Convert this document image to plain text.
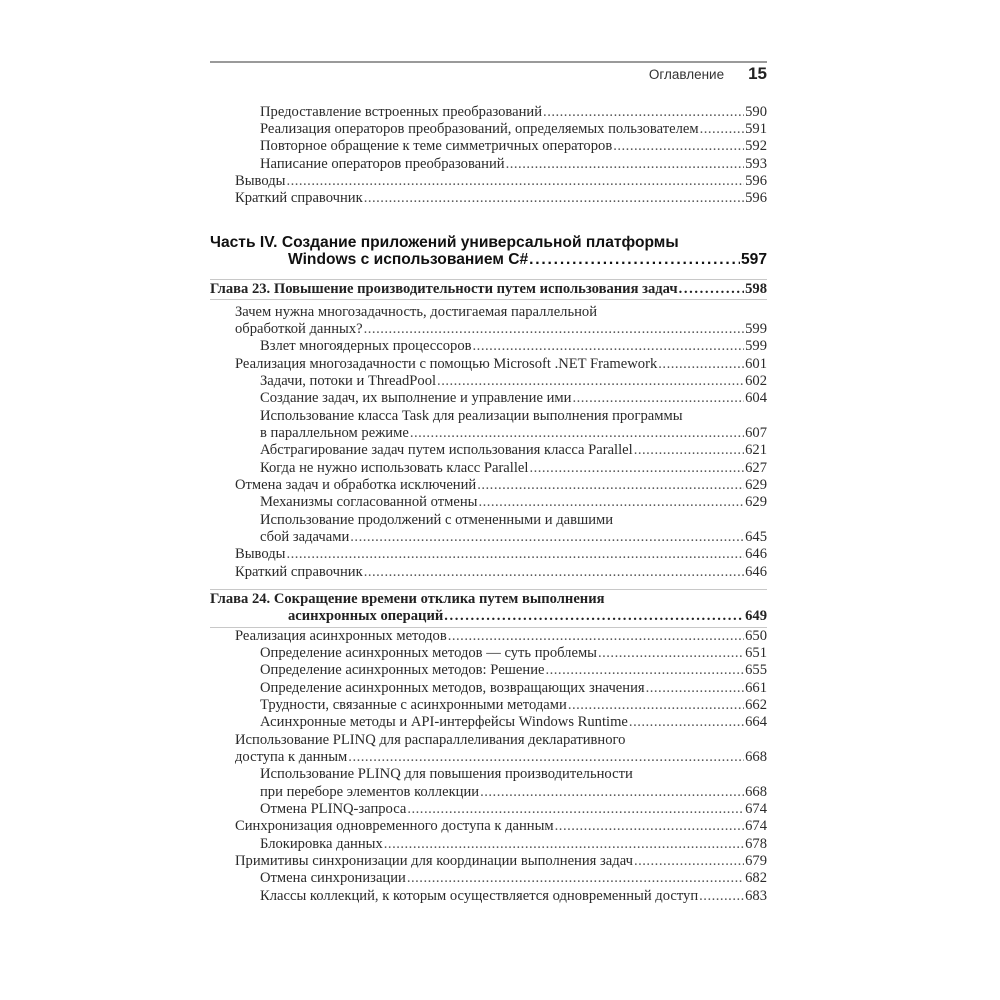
Оглавление 15
Предоставление встроенных преобразований .....	590
Реализация операторов преобразований, определяемых пользователем .....	591
Повторное обращение к теме симметричных операторов .....	592
Написание операторов преобразований .....	593
Выводы .....	596
Краткий справочник .....	596
Часть IV. Создание приложений универсальной платформы
Windows с использованием C# .....	597
Глава 23. Повышение производительности путем использования задач .....	598
Зачем нужна многозадачность, достигаемая параллельной
обработкой данных? .....	599
Взлет многоядерных процессоров .....	599
Реализация многозадачности с помощью Microsoft .NET Framework .....	601
Задачи, потоки и ThreadPool .....	602
Создание задач, их выполнение и управление ими .....	604
Использование класса Task для реализации выполнения программы
в параллельном режиме .....	607
Абстрагирование задач путем использования класса Parallel .....	621
Когда не нужно использовать класс Parallel .....	627
Отмена задач и обработка исключений .....	629
Механизмы согласованной отмены .....	629
Использование продолжений с отмененными и давшими
сбой задачами .....	645
Выводы .....	646
Краткий справочник .....	646
Глава 24. Сокращение времени отклика путем выполнения
асинхронных операций .....	649
Реализация асинхронных методов .....	650
Определение асинхронных методов — суть проблемы .....	651
Определение асинхронных методов: Решение .....	655
Определение асинхронных методов, возвращающих значения .....	661
Трудности, связанные с асинхронными методами .....	662
Асинхронные методы и API-интерфейсы Windows Runtime .....	664
Использование PLINQ для распараллеливания декларативного
доступа к данным .....	668
Использование PLINQ для повышения производительности
при переборе элементов коллекции .....	668
Отмена PLINQ-запроса .....	674
Синхронизация одновременного доступа к данным .....	674
Блокировка данных .....	678
Примитивы синхронизации для координации выполнения задач .....	679
Отмена синхронизации .....	682
Классы коллекций, к которым осуществляется одновременный доступ .....	683
